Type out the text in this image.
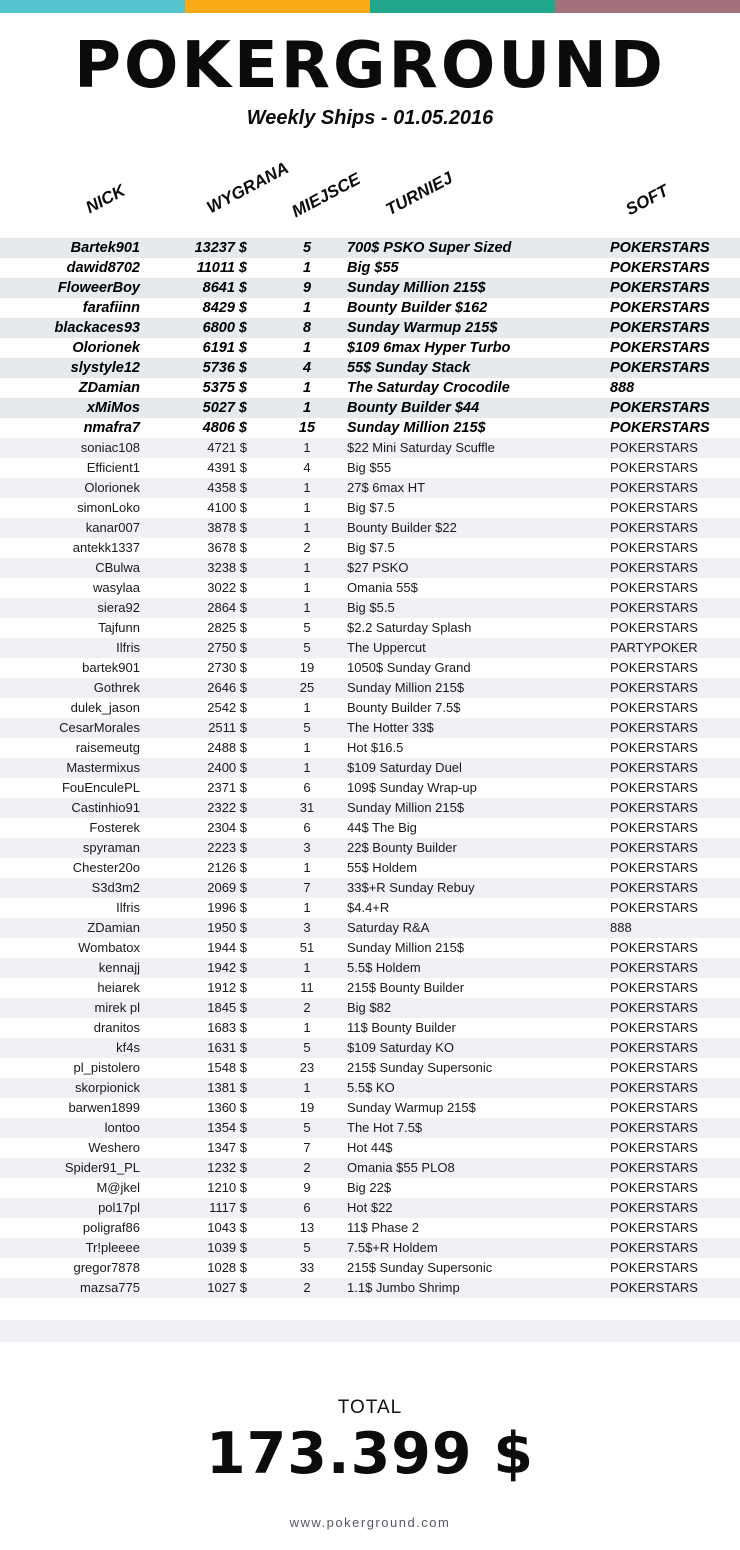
POKERGROUND
Weekly Ships - 01.05.2016
NICK	WYGRANA
MIEJSCE TURNIEJ	SOFT
Bartek901	13237 $	5	700$ PSKO Super Sized	POKERSTARS
dawid8702	11011 $	1	Big $55	POKERSTARS
FloweerBoy	8641 $	9	Sunday Million 215$	POKERSTARS
farafiinn	8429 $	1	Bounty Builder $162	POKERSTARS
blackaces93	6800 $	8	Sunday Warmup 215$	POKERSTARS
Olorionek	6191 $	1	$109 6max Hyper Turbo	POKERSTARS
slystyle12	5736 $	4	55$ Sunday Stack	POKERSTARS
ZDamian	5375 $	1	The Saturday Crocodile	888
xMiMos	5027 $	1	Bounty Builder $44	POKERSTARS
nmafra7	4806 $	15	Sunday Million 215$	POKERSTARS
soniac108	4721 $	1	$22 Mini Saturday Scuffle	POKERSTARS
Efficient1	4391 $	4	Big $55	POKERSTARS
Olorionek	4358 $	1	27$ 6max HT	POKERSTARS
simonLoko	4100 $	1	Big $7.5	POKERSTARS
kanar007	3878 $	1	Bounty Builder $22	POKERSTARS
antekk1337	3678 $	2	Big $7.5	POKERSTARS
CBulwa	3238 $	1	$27 PSKO	POKERSTARS
wasylaa	3022 $	1	Omania 55$	POKERSTARS
siera92	2864 $	1	Big $5.5	POKERSTARS
Tajfunn	2825 $	5	$2.2 Saturday Splash	POKERSTARS
Ilfris	2750 $	5	The Uppercut	PARTYPOKER
bartek901	2730 $	19	1050$ Sunday Grand	POKERSTARS
Gothrek	2646 $	25	Sunday Million 215$	POKERSTARS
dulek_jason	2542 $	1	Bounty Builder 7.5$	POKERSTARS
CesarMorales	2511 $	5	The Hotter 33$	POKERSTARS
raisemeutg	2488 $	1	Hot $16.5	POKERSTARS
Mastermixus	2400 $	1	$109 Saturday Duel	POKERSTARS
FouEnculePL	2371 $	6	109$ Sunday Wrap-up	POKERSTARS
Castinhio91	2322 $	31	Sunday Million 215$	POKERSTARS
Fosterek	2304 $	6	44$ The Big	POKERSTARS
spyraman	2223 $	3	22$ Bounty Builder	POKERSTARS
Chester20o	2126 $	1	55$ Holdem	POKERSTARS
S3d3m2	2069 $	7	33$+R Sunday Rebuy	POKERSTARS
Ilfris	1996 $	1	$4.4+R	POKERSTARS
ZDamian	1950 $	3	Saturday R&A	888
Wombatox	1944 $	51	Sunday Million 215$	POKERSTARS
kennajj	1942 $	1	5.5$ Holdem	POKERSTARS
heiarek	1912 $	11	215$ Bounty Builder	POKERSTARS
mirek pl	1845 $	2	Big $82	POKERSTARS
dranitos	1683 $	1	11$ Bounty Builder	POKERSTARS
kf4s	1631 $	5	$109 Saturday KO	POKERSTARS
pl_pistolero	1548 $	23	215$ Sunday Supersonic	POKERSTARS
skorpionick	1381 $	1	5.5$ KO	POKERSTARS
barwen1899	1360 $	19	Sunday Warmup 215$	POKERSTARS
lontoo	1354 $	5	The Hot 7.5$	POKERSTARS
Weshero	1347 $	7	Hot 44$	POKERSTARS
Spider91_PL	1232 $	2	Omania $55 PLO8	POKERSTARS
M@jkel	1210 $	9	Big 22$	POKERSTARS
pol17pl	1117 $	6	Hot $22	POKERSTARS
poligraf86	1043 $	13	11$ Phase 2	POKERSTARS
Tr!pleeee	1039 $	5	7.5$+R Holdem	POKERSTARS
gregor7878	1028 $	33	215$ Sunday Supersonic	POKERSTARS
mazsa775	1027 $	2	1.1$ Jumbo Shrimp	POKERSTARS
TOTAL
173.399 $
www.pokerground.com
